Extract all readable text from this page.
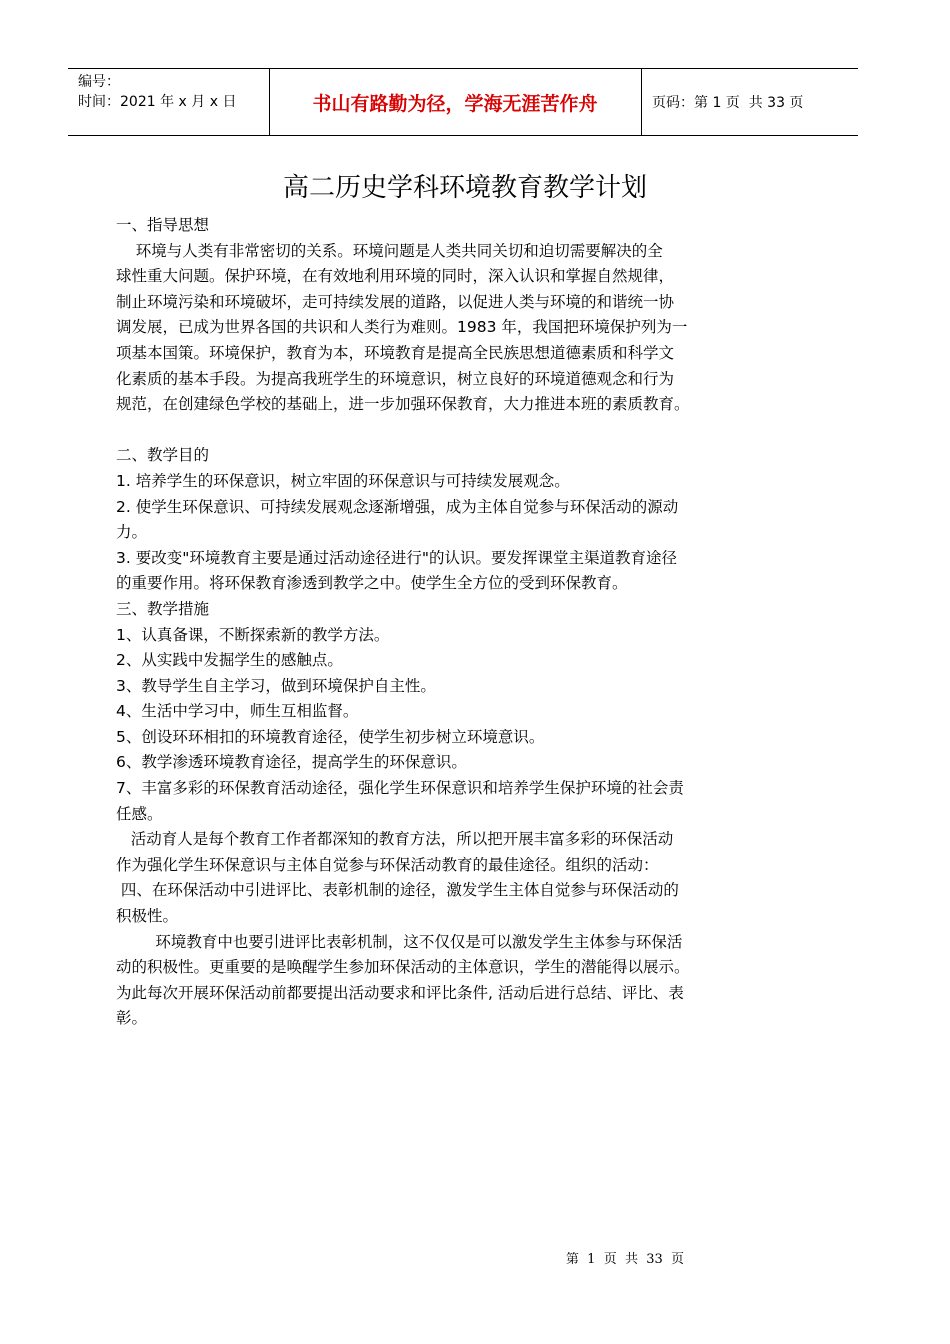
编号：
时间：2021 年 x 月 x 日	书山有路勤为径，学海无涯苦作舟	页码：第 1 页  共 33 页
高二历史学科环境教育教学计划
一、指导思想
环境与人类有非常密切的关系。环境问题是人类共同关切和迫切需要解决的全
球性重大问题。保护环境，在有效地利用环境的同时，深入认识和掌握自然规律，
制止环境污染和环境破坏，走可持续发展的道路，以促进人类与环境的和谐统一协
调发展，已成为世界各国的共识和人类行为难则。1983 年，我国把环境保护列为一
项基本国策。环境保护，教育为本，环境教育是提高全民族思想道德素质和科学文
化素质的基本手段。为提高我班学生的环境意识，树立良好的环境道德观念和行为
规范，在创建绿色学校的基础上，进一步加强环保教育，大力推进本班的素质教育。
二、教学目的
1. 培养学生的环保意识，树立牢固的环保意识与可持续发展观念。
2. 使学生环保意识、可持续发展观念逐渐增强，成为主体自觉参与环保活动的源动
力。
3. 要改变"环境教育主要是通过活动途径进行"的认识。要发挥课堂主渠道教育途径
的重要作用。将环保教育渗透到教学之中。使学生全方位的受到环保教育。
三、教学措施
1、认真备课，不断探索新的教学方法。
2、从实践中发掘学生的感触点。
3、教导学生自主学习，做到环境保护自主性。
4、生活中学习中，师生互相监督。
5、创设环环相扣的环境教育途径，使学生初步树立环境意识。
6、教学渗透环境教育途径，提高学生的环保意识。
7、丰富多彩的环保教育活动途径，强化学生环保意识和培养学生保护环境的社会责
任感。
活动育人是每个教育工作者都深知的教育方法，所以把开展丰富多彩的环保活动
作为强化学生环保意识与主体自觉参与环保活动教育的最佳途径。组织的活动：
四、在环保活动中引进评比、表彰机制的途径，激发学生主体自觉参与环保活动的
积极性。
环境教育中也要引进评比表彰机制，这不仅仅是可以激发学生主体参与环保活
动的积极性。更重要的是唤醒学生参加环保活动的主体意识，学生的潜能得以展示。
为此每次开展环保活动前都要提出活动要求和评比条件, 活动后进行总结、评比、表
彰。
第  1  页  共  33  页
